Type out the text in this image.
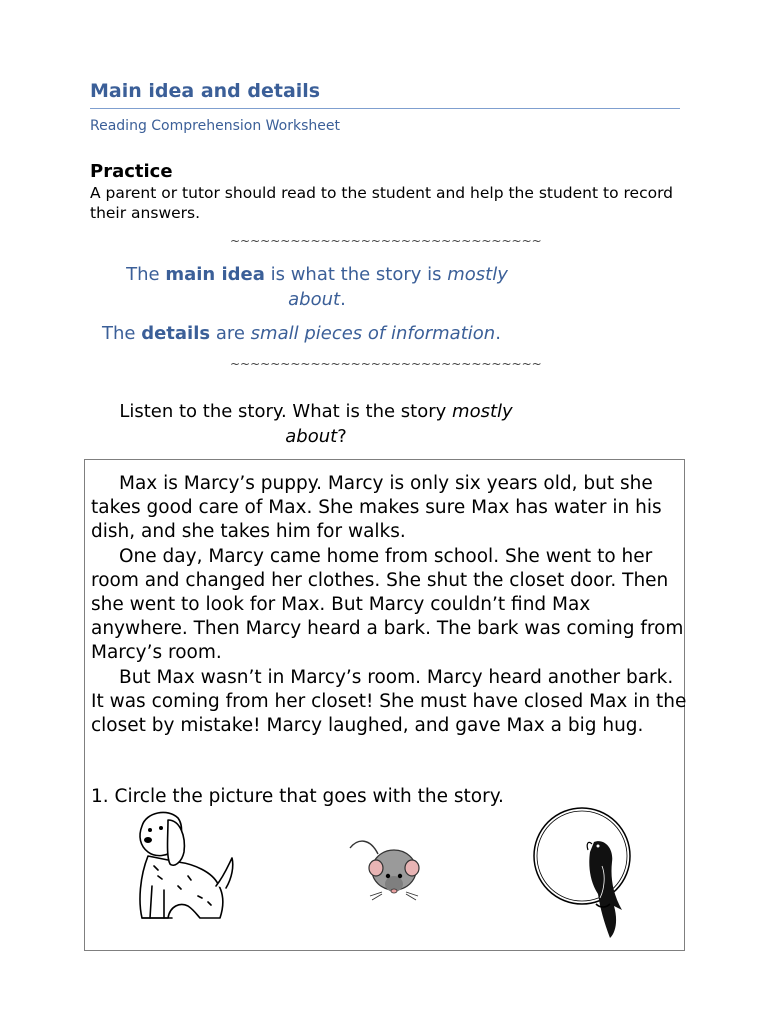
Main idea and details
Reading Comprehension Worksheet
Practice
A parent or tutor should read to the student and help the student to record their answers.
~~~~~~~~~~~~~~~~~~~~~~~~~~~~~~~
The main idea is what the story is mostly
about.
The details are small pieces of information.
~~~~~~~~~~~~~~~~~~~~~~~~~~~~~~~
Listen to the story. What is the story mostly
about?

Max is Marcy’s puppy. Marcy is only six years old, but she takes good care of Max. She makes sure Max has water in his dish, and she takes him for walks.

One day, Marcy came home from school. She went to her room and changed her clothes. She shut the closet door. Then she went to look for Max. But Marcy couldn’t find Max anywhere. Then Marcy heard a bark. The bark was coming from Marcy’s room.

But Max wasn’t in Marcy’s room. Marcy heard another bark. It was coming from her closet! She must have closed Max in the closet by mistake! Marcy laughed, and gave Max a big hug.

1. Circle the picture that goes with the story.
